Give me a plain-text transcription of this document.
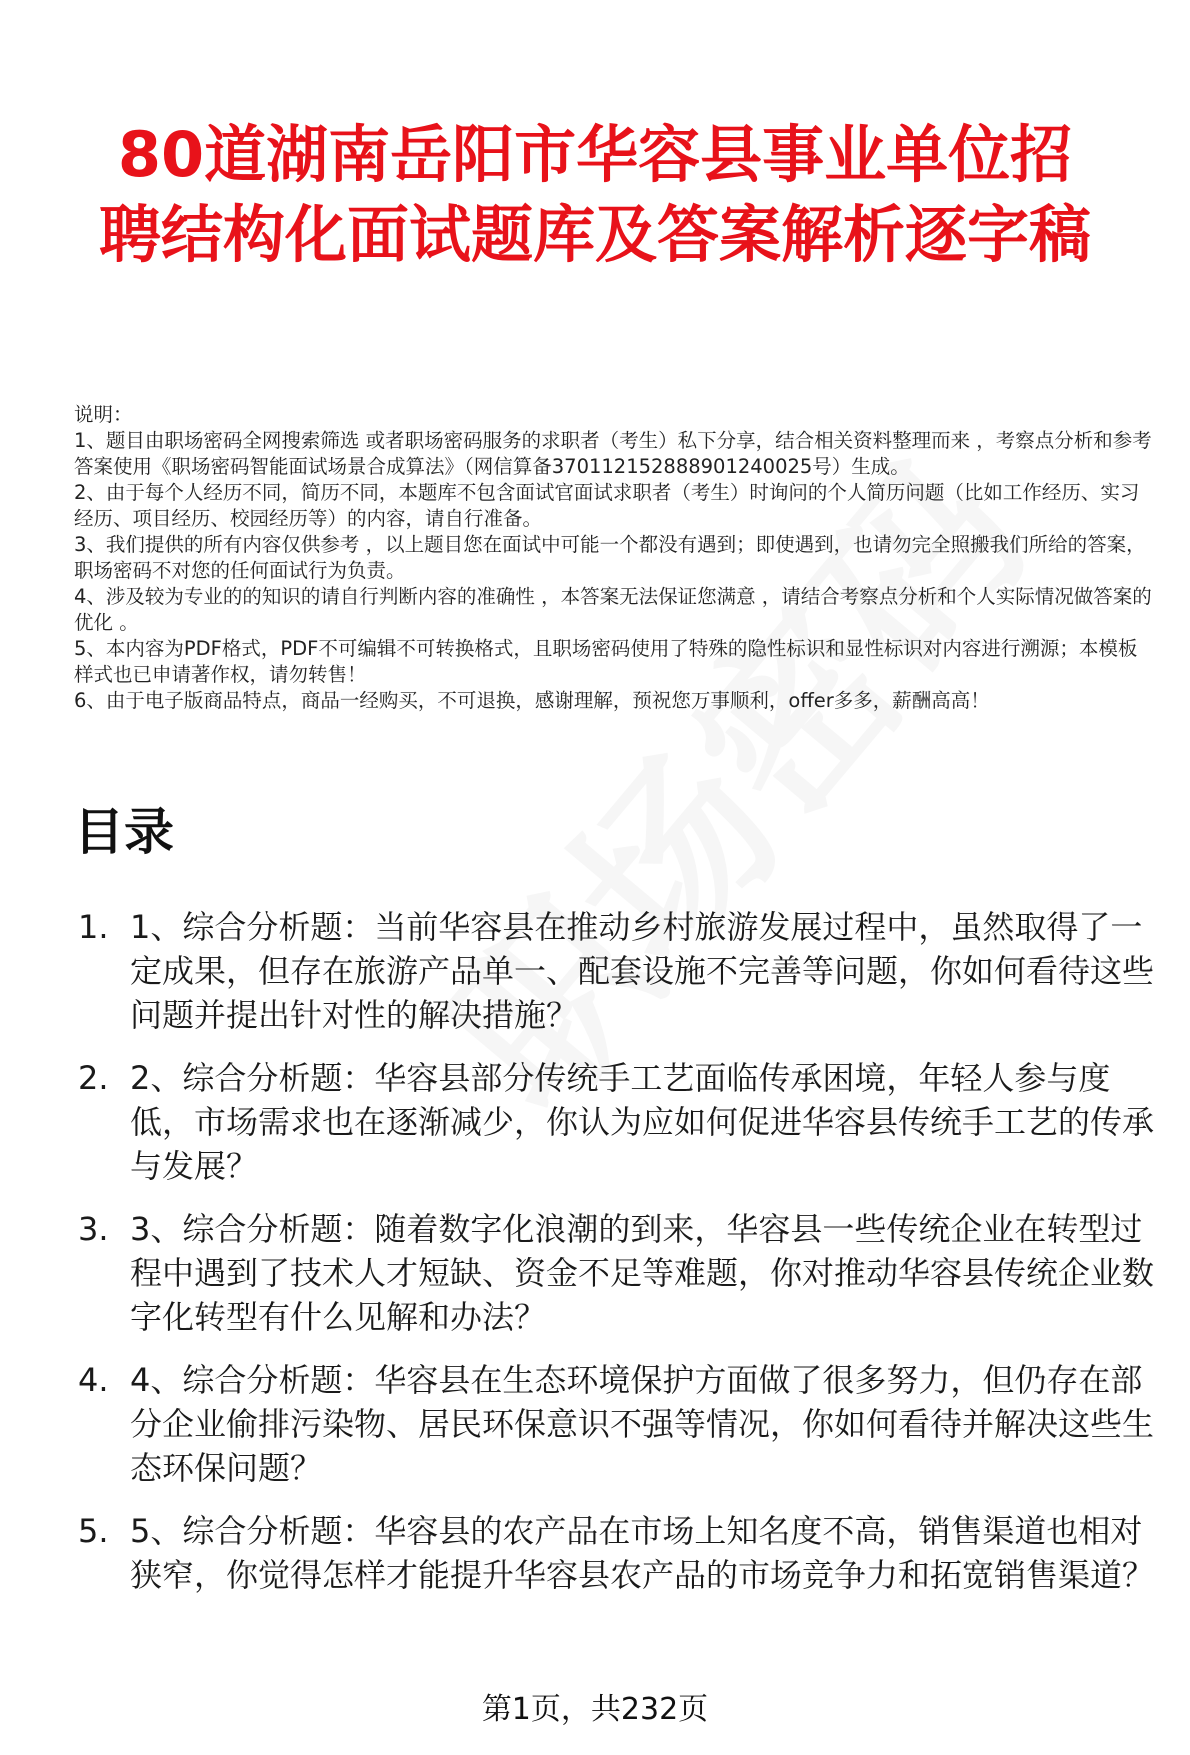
80道湖南岳阳市华容县事业单位招聘结构化面试题库及答案解析逐字稿

说明：

1、题目由职场密码全网搜索筛选 或者职场密码服务的求职者（考生）私下分享，结合相关资料整理而来 ，考察点分析和参考答案使用《职场密码智能面试场景合成算法》（网信算备370112152888901240025号）生成。

2、由于每个人经历不同，简历不同，本题库不包含面试官面试求职者（考生）时询问的个人简历问题（比如工作经历、实习经历、项目经历、校园经历等）的内容，请自行准备。

3、我们提供的所有内容仅供参考 ，以上题目您在面试中可能一个都没有遇到；即使遇到，也请勿完全照搬我们所给的答案，职场密码不对您的任何面试行为负责。

4、涉及较为专业的的知识的请自行判断内容的准确性 ，本答案无法保证您满意 ，请结合考察点分析和个人实际情况做答案的优化 。

5、本内容为PDF格式，PDF不可编辑不可转换格式，且职场密码使用了特殊的隐性标识和显性标识对内容进行溯源；本模板样式也已申请著作权，请勿转售！

6、由于电子版商品特点，商品一经购买，不可退换，感谢理解，预祝您万事顺利，offer多多，薪酬高高！

目录
1. 1、综合分析题：当前华容县在推动乡村旅游发展过程中，虽然取得了一定成果，但存在旅游产品单一、配套设施不完善等问题，你如何看待这些问题并提出针对性的解决措施？
2. 2、综合分析题：华容县部分传统手工艺面临传承困境，年轻人参与度低，市场需求也在逐渐减少，你认为应如何促进华容县传统手工艺的传承与发展？
3. 3、综合分析题：随着数字化浪潮的到来，华容县一些传统企业在转型过程中遇到了技术人才短缺、资金不足等难题，你对推动华容县传统企业数字化转型有什么见解和办法？
4. 4、综合分析题：华容县在生态环境保护方面做了很多努力，但仍存在部分企业偷排污染物、居民环保意识不强等情况，你如何看待并解决这些生态环保问题？
5. 5、综合分析题：华容县的农产品在市场上知名度不高，销售渠道也相对狭窄，你觉得怎样才能提升华容县农产品的市场竞争力和拓宽销售渠道？
第1页，共232页
